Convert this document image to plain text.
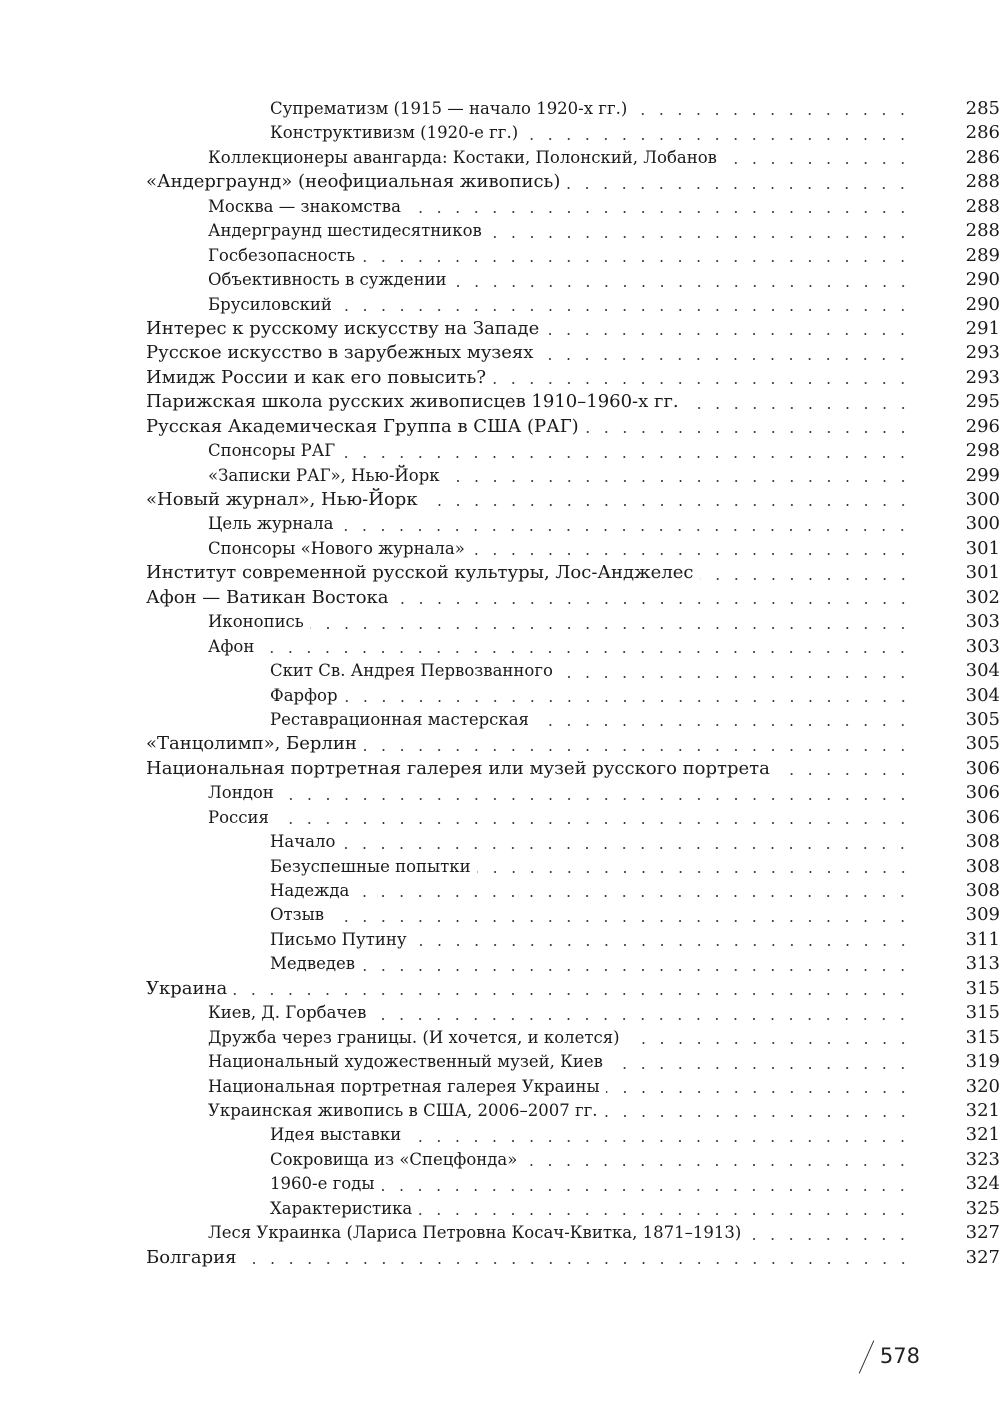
Супрематизм (1915 — начало 1920-х гг.)	285
Конструктивизм (1920-е гг.)	286
Коллекционеры авангарда: Костаки, Полонский, Лобанов	286
«Андерграунд» (неофициальная живопись)	288
Москва — знакомства	288
Андерграунд шестидесятников	288
Госбезопасность	289
Объективность в суждении	290
Брусиловский	290
Интерес к русскому искусству на Западе	291
Русское искусство в зарубежных музеях	293
Имидж России и как его повысить?	293
Парижская школа русских живописцев 1910–1960-х гг.	295
Русская Академическая Группа в США (РАГ)	296
Спонсоры РАГ	298
«Записки РАГ», Нью-Йорк	299
«Новый журнал», Нью-Йорк	300
Цель журнала	300
Спонсоры «Нового журнала»	301
Институт современной русской культуры, Лос-Анджелес	301
Афон — Ватикан Востока	302
Иконопись	303
Афон	303
Скит Св. Андрея Первозванного	304
Фарфор	304
Реставрационная мастерская	305
«Танцолимп», Берлин	305
Национальная портретная галерея или музей русского портрета	306
Лондон	306
Россия	306
Начало	308
Безуспешные попытки	308
Надежда	308
Отзыв	309
Письмо Путину	311
Медведев	313
Украина	315
Киев, Д. Горбачев	315
Дружба через границы. (И хочется, и колется)	315
Национальный художественный музей, Киев	319
Национальная портретная галерея Украины	320
Украинская живопись в США, 2006–2007 гг.	321
Идея выставки	321
Сокровища из «Спецфонда»	323
1960-е годы	324
Характеристика	325
Леся Украинка (Лариса Петровна Косач-Квитка, 1871–1913)	327
Болгария	327
578
